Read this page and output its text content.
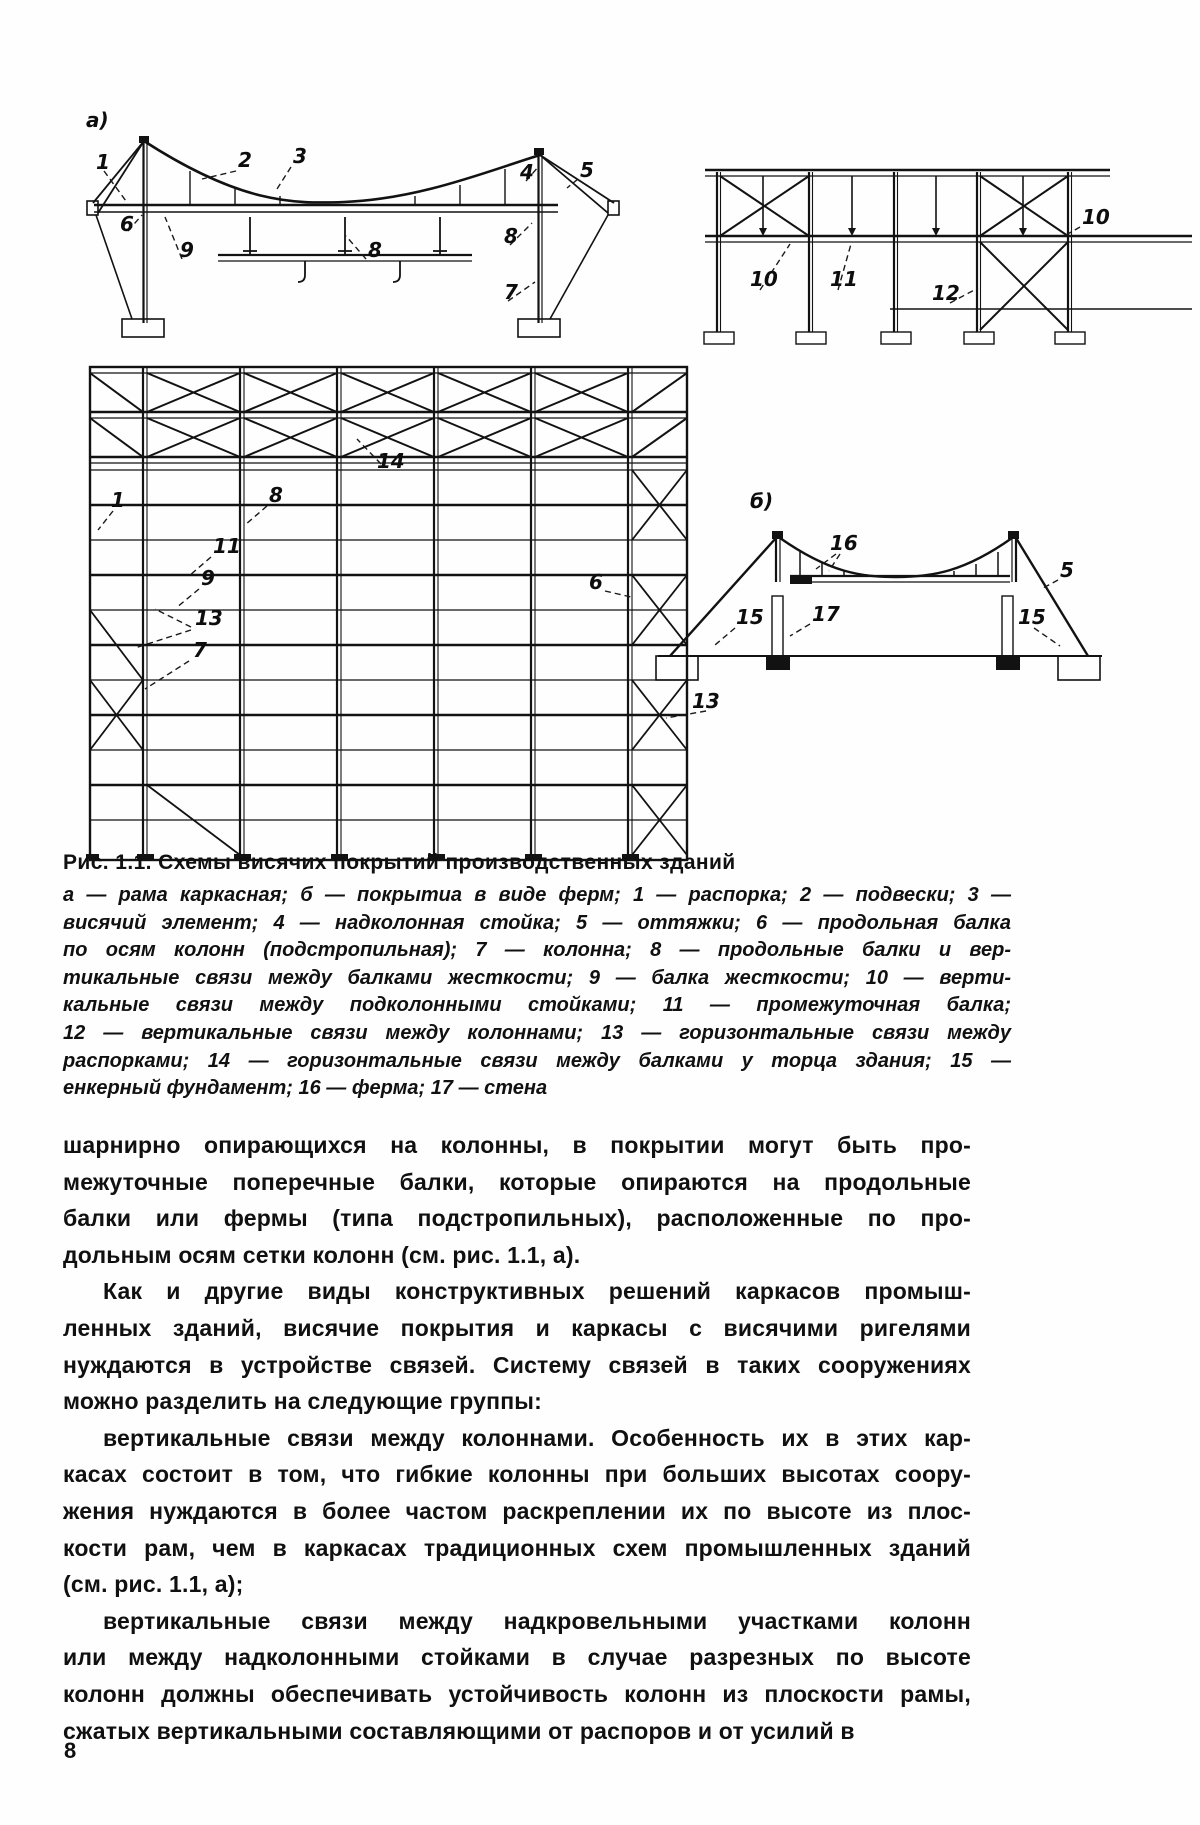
а)
1	2 3
4 5
6
9	8
8
7
10
10	11
12
14
1	8
6
11
9
13
7
б)
16
5
15 17	15
13
Рис. 1.1. Схемы висячих покрытий производственных зданий
а — рама каркасная; б — покрытиа в виде ферм; 1 — распорка; 2 — подвески; 3 —
висячий элемент; 4 — надколонная стойка; 5 — оттяжки; 6 — продольная балка
по осям колонн (подстропильная); 7 — колонна; 8 — продольные балки и вер-
тикальные связи между балками жесткости; 9 — балка жесткости; 10 — верти-
кальные связи между подколонными стойками; 11 — промежуточная балка;
12 — вертикальные связи между колоннами; 13 — горизонтальные связи между
распорками; 14 — горизонтальные связи между балками у торца здания; 15 —
енкерный фундамент; 16 — ферма; 17 — стена
шарнирно опирающихся на колонны, в покрытии могут быть про-
межуточные поперечные балки, которые опираются на продольные
балки или фермы (типа подстропильных), расположенные по про-
дольным осям сетки колонн (см. рис. 1.1, а).
Как и другие виды конструктивных решений каркасов промыш-
ленных зданий, висячие покрытия и каркасы с висячими ригелями
нуждаются в устройстве связей. Систему связей в таких сооружениях
можно разделить на следующие группы:
вертикальные связи между колоннами. Особенность их в этих кар-
касах состоит в том, что гибкие колонны при больших высотах соору-
жения нуждаются в более частом раскреплении их по высоте из плос-
кости рам, чем в каркасах традиционных схем промышленных зданий
(см. рис. 1.1, а);
вертикальные связи между надкровельными участками колонн
или между надколонными стойками в случае разрезных по высоте
колонн должны обеспечивать устойчивость колонн из плоскости рамы,
сжатых вертикальными составляющими от распоров и от усилий в
8
